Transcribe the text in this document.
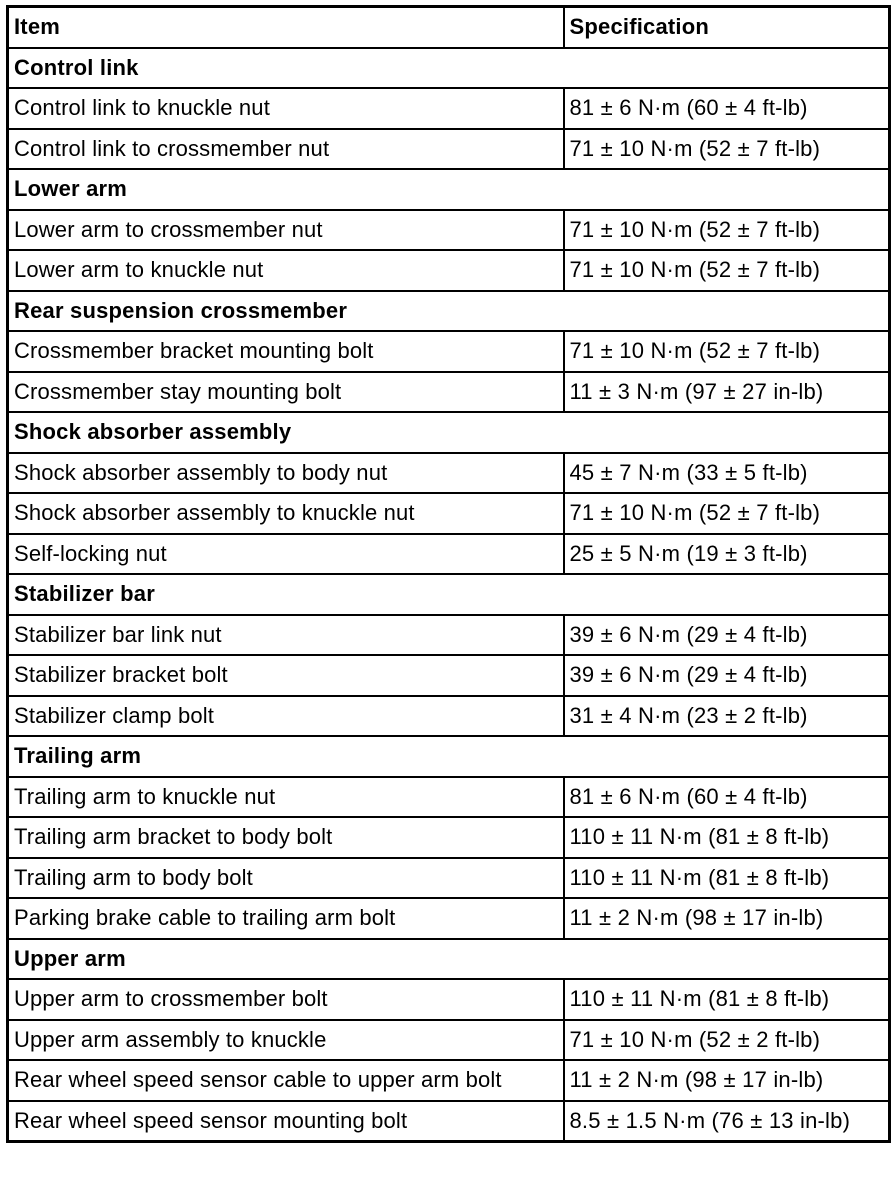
Item	Specification
Control link	
Control link to knuckle nut	81 ± 6 N·m (60 ± 4 ft-lb)
Control link to crossmember nut	71 ± 10 N·m (52 ± 7 ft-lb)
Lower arm	
Lower arm to crossmember nut	71 ± 10 N·m (52 ± 7 ft-lb)
Lower arm to knuckle nut	71 ± 10 N·m (52 ± 7 ft-lb)
Rear suspension crossmember	
Crossmember bracket mounting bolt	71 ± 10 N·m (52 ± 7 ft-lb)
Crossmember stay mounting bolt	11 ± 3 N·m (97 ± 27 in-lb)
Shock absorber assembly	
Shock absorber assembly to body nut	45 ± 7 N·m (33 ± 5 ft-lb)
Shock absorber assembly to knuckle nut	71 ± 10 N·m (52 ± 7 ft-lb)
Self-locking nut	25 ± 5 N·m (19 ± 3 ft-lb)
Stabilizer bar	
Stabilizer bar link nut	39 ± 6 N·m (29 ± 4 ft-lb)
Stabilizer bracket bolt	39 ± 6 N·m (29 ± 4 ft-lb)
Stabilizer clamp bolt	31 ± 4 N·m (23 ± 2 ft-lb)
Trailing arm	
Trailing arm to knuckle nut	81 ± 6 N·m (60 ± 4 ft-lb)
Trailing arm bracket to body bolt	110 ± 11 N·m (81 ± 8 ft-lb)
Trailing arm to body bolt	110 ± 11 N·m (81 ± 8 ft-lb)
Parking brake cable to trailing arm bolt	11 ± 2 N·m (98 ± 17 in-lb)
Upper arm	
Upper arm to crossmember bolt	110 ± 11 N·m (81 ± 8 ft-lb)
Upper arm assembly to knuckle	71 ± 10 N·m (52 ± 2 ft-lb)
Rear wheel speed sensor cable to upper arm bolt	11 ± 2 N·m (98 ± 17 in-lb)
Rear wheel speed sensor mounting bolt	8.5 ± 1.5 N·m (76 ± 13 in-lb)
